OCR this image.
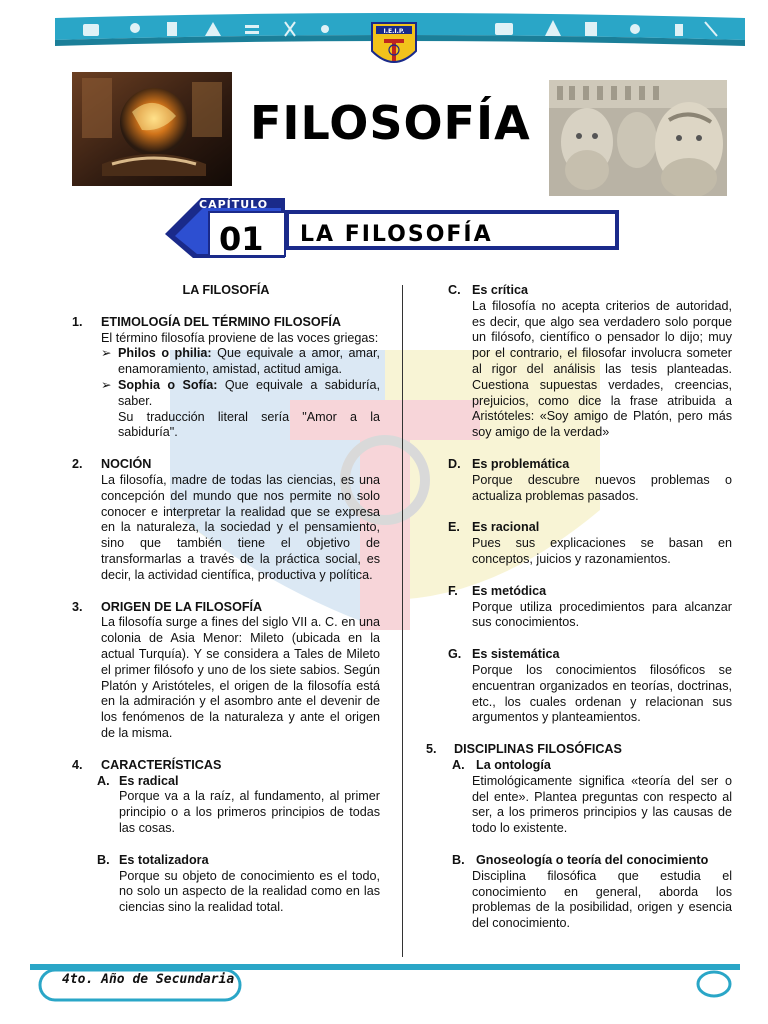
I.E.I.P.
FILOSOFÍA
CAPÍTULO
01 LA FILOSOFÍA
LA FILOSOFÍA
1.	ETIMOLOGÍA DEL TÉRMINO FILOSOFÍA
El término filosofía proviene de las voces griegas:
➢ Philos o philia: Que equivale a amor, amar, enamoramiento, amistad, actitud amiga.
➢ Sophia o Sofía: Que equivale a sabiduría, saber.
Su traducción literal sería "Amor a la sabiduría".
2.	NOCIÓN
La filosofía, madre de todas las ciencias, es una concepción del mundo que nos permite no solo conocer e interpretar la realidad que se expresa en la naturaleza, la sociedad y el pensamiento, sino que también tiene el objetivo de transformarlas a través de la práctica social, es decir, la actividad científica, productiva y política.
3.	ORIGEN DE LA FILOSOFÍA
La filosofía surge a fines del siglo VII a. C. en una colonia de Asia Menor: Mileto (ubicada en la actual Turquía). Y se considera a Tales de Mileto el primer filósofo y uno de los siete sabios. Según Platón y Aristóteles, el origen de la filosofía está en la admiración y el asombro ante el devenir de los fenómenos de la naturaleza y ante el origen de la misma.
4.	CARACTERÍSTICAS
A. Es radical
Porque va a la raíz, al fundamento, al primer principio o a los primeros principios de todas las cosas.
B. Es totalizadora
Porque su objeto de conocimiento es el todo, no solo un aspecto de la realidad como en las ciencias sino la realidad total.
C. Es crítica
La filosofía no acepta criterios de autoridad, es decir, que algo sea verdadero solo porque un filósofo, científico o pensador lo dijo; muy por el contrario, el filosofar involucra someter al rigor del análisis las tesis planteadas. Cuestiona supuestas verdades, creencias, prejuicios, como dice la frase atribuida a Aristóteles: «Soy amigo de Platón, pero más soy amigo de la verdad»
D. Es problemática
Porque descubre nuevos problemas o actualiza problemas pasados.
E. Es racional
Pues sus explicaciones se basan en conceptos, juicios y razonamientos.
F.	Es metódica
Porque utiliza procedimientos para alcanzar sus conocimientos.
G. Es sistemática
Porque los conocimientos filosóficos se encuentran organizados en teorías, doctrinas, etc., los cuales ordenan y relacionan sus argumentos y planteamientos.
5.	DISCIPLINAS FILOSÓFICAS
A. La ontología
Etimológicamente significa «teoría del ser o del ente». Plantea preguntas con respecto al ser, a los primeros principios y las causas de todo lo existente.
B. Gnoseología o teoría del conocimiento
Disciplina filosófica que estudia el conocimiento en general, aborda los problemas de la posibilidad, origen y esencia del conocimiento.
4to. Año de Secundaria
